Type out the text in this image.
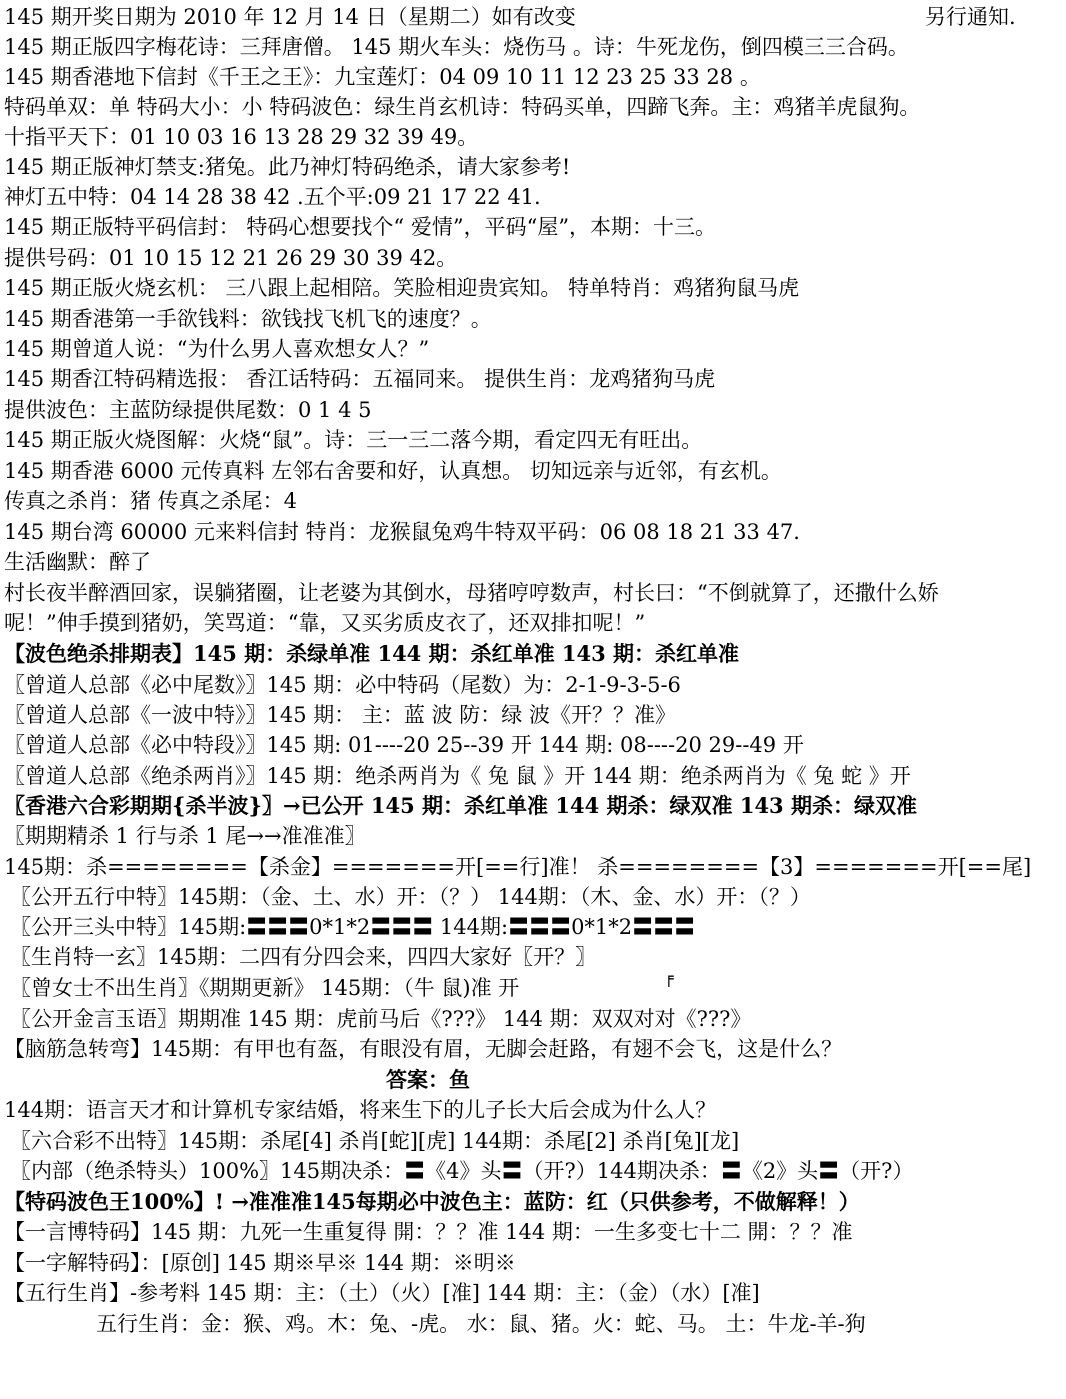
另行通知.
145 期开奖日期为 2010 年 12 月 14 日（星期二）如有改变
145 期正版四字梅花诗：三拜唐僧。 145 期火车头：烧伤马 。诗：牛死龙伤，倒四模三三合码。
145 期香港地下信封《千王之王》：九宝莲灯：04 09 10 11 12 23 25 33 28 。
特码单双：单 特码大小：小 特码波色：绿生肖玄机诗：特码买单，四蹄飞奔。主：鸡猪羊虎鼠狗。
十指平天下：01 10 03 16 13 28 29 32 39 49。
145 期正版神灯禁支:猪兔。此乃神灯特码绝杀，请大家参考!
神灯五中特：04 14 28 38 42 .五个平:09 21 17 22 41.
145 期正版特平码信封： 特码心想要找个“ 爱情”，平码“屋”，本期：十三。
提供号码：01 10 15 12 21 26 29 30 39 42。
145 期正版火烧玄机： 三八跟上起相陪。笑脸相迎贵宾知。 特单特肖：鸡猪狗鼠马虎
145 期香港第一手欲钱料：欲钱找飞机飞的速度？。
145 期曾道人说：“为什么男人喜欢想女人？”
145 期香江特码精选报： 香江话特码：五福同来。 提供生肖：龙鸡猪狗马虎
提供波色：主蓝防绿提供尾数：0 1 4 5
145 期正版火烧图解：火烧“鼠”。诗：三一三二落今期，看定四无有旺出。
145 期香港 6000 元传真料 左邻右舍要和好，认真想。 切知远亲与近邻，有玄机。
传真之杀肖：猪 传真之杀尾：4
145 期台湾 60000 元来料信封 特肖：龙猴鼠兔鸡牛特双平码：06 08 18 21 33 47.
生活幽默：醉了
村长夜半醉酒回家，误躺猪圈，让老婆为其倒水，母猪哼哼数声，村长曰：“不倒就算了，还撒什么娇
呢！”伸手摸到猪奶，笑骂道：“靠，又买劣质皮衣了，还双排扣呢！”
【波色绝杀排期表】145 期：杀绿单准 144 期：杀红单准 143 期：杀红单准
〖曾道人总部《必中尾数》〗145 期：必中特码（尾数）为：2-1-9-3-5-6
〖曾道人总部《一波中特》〗145 期： 主：蓝 波 防：绿 波《开？？准》
〖曾道人总部《必中特段》〗145 期: 01----20 25--39 开 144 期: 08----20 29--49 开
〖曾道人总部《绝杀两肖》〗145 期：绝杀两肖为《 兔 鼠 》开 144 期：绝杀两肖为《 兔 蛇 》开
〖香港六合彩期期{杀半波}〗→已公开 145 期：杀红单准 144 期杀：绿双准 143 期杀：绿双准
〖期期精杀 1 行与杀 1 尾→→准准准〗
145期：杀========【杀金】=======开[==行]准！ 杀========【3】=======开[==尾]
〖公开五行中特〗145期：（金、土、水）开：（？） 144期：（木、金、水）开：（？）
〖公开三头中特〗145期:〓〓〓0*1*2〓〓〓 144期:〓〓〓0*1*2〓〓〓
〖生肖特一玄〗145期：二四有分四会来，四四大家好〖开？〗
〖曾女士不出生肖〗《期期更新》 145期：（牛 鼠)准 开
〖公开金言玉语〗期期准 145 期：虎前马后《???》 144 期：双双对对《???》
【脑筋急转弯】145期：有甲也有盔，有眼没有眉，无脚会赶路，有翅不会飞，这是什么？
答案：鱼
144期：语言天才和计算机专家结婚，将来生下的儿子长大后会成为什么人？
〖六合彩不出特〗145期：杀尾[4] 杀肖[蛇][虎] 144期：杀尾[2] 杀肖[兔][龙]
〖内部（绝杀特头）100%〗145期决杀：〓《4》头〓（开?）144期决杀：〓《2》头〓（开?）
【特码波色王100%】! →准准准145每期必中波色主：蓝防：红（只供参考，不做解释！）
【一言博特码】145 期：九死一生重复得 開：？？准 144 期：一生多变七十二 開：？？准
【一字解特码】：[原创] 145 期※早※ 144 期：※明※
【五行生肖】-参考料 145 期：主：（土）（火）[准] 144 期：主：（金）（水）[准]
五行生肖：金：猴、鸡。木：兔、-虎。 水：鼠、猪。火：蛇、马。 土：牛龙-羊-狗
╒
